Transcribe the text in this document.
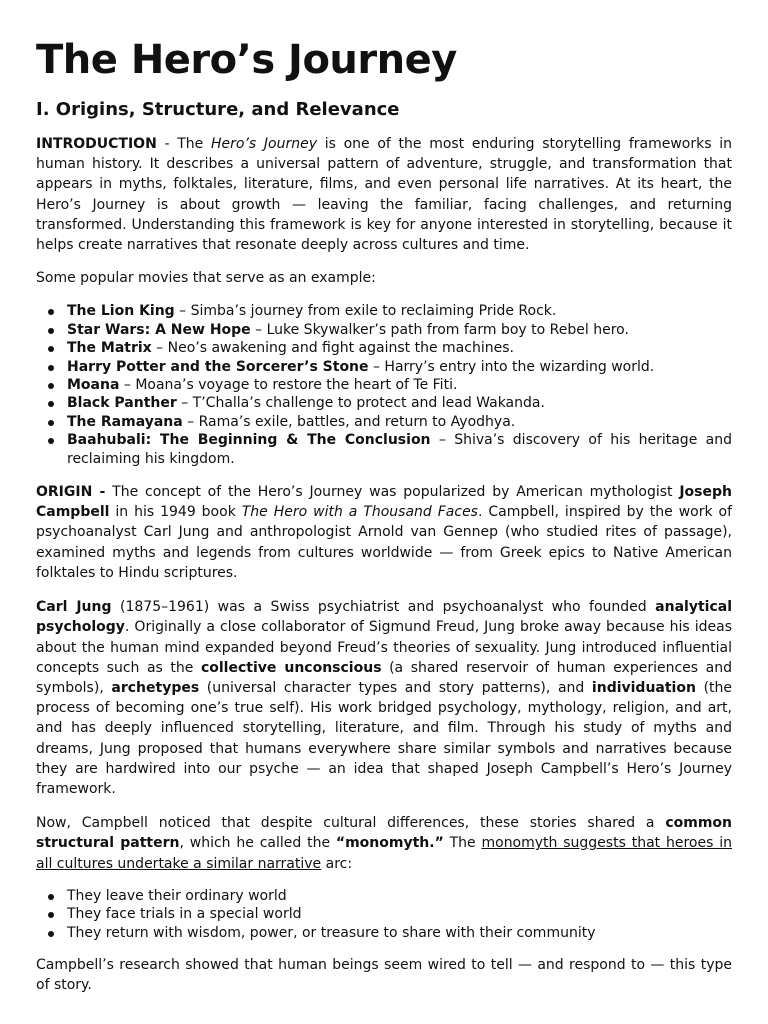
The Hero’s Journey
I. Origins, Structure, and Relevance

INTRODUCTION - The Hero’s Journey is one of the most enduring storytelling frameworks in human history. It describes a universal pattern of adventure, struggle, and transformation that appears in myths, folktales, literature, films, and even personal life narratives. At its heart, the Hero’s Journey is about growth — leaving the familiar, facing challenges, and returning transformed. Understanding this framework is key for anyone interested in storytelling, because it helps create narratives that resonate deeply across cultures and time.

Some popular movies that serve as an example:

The Lion King – Simba’s journey from exile to reclaiming Pride Rock.
Star Wars: A New Hope – Luke Skywalker’s path from farm boy to Rebel hero.
The Matrix – Neo’s awakening and fight against the machines.
Harry Potter and the Sorcerer’s Stone – Harry’s entry into the wizarding world.
Moana – Moana’s voyage to restore the heart of Te Fiti.
Black Panther – T’Challa’s challenge to protect and lead Wakanda.
The Ramayana – Rama’s exile, battles, and return to Ayodhya.
Baahubali: The Beginning & The Conclusion – Shiva’s discovery of his heritage and reclaiming his kingdom.

ORIGIN - The concept of the Hero’s Journey was popularized by American mythologist Joseph Campbell in his 1949 book The Hero with a Thousand Faces. Campbell, inspired by the work of psychoanalyst Carl Jung and anthropologist Arnold van Gennep (who studied rites of passage), examined myths and legends from cultures worldwide — from Greek epics to Native American folktales to Hindu scriptures.

Carl Jung (1875–1961) was a Swiss psychiatrist and psychoanalyst who founded analytical psychology. Originally a close collaborator of Sigmund Freud, Jung broke away because his ideas about the human mind expanded beyond Freud’s theories of sexuality. Jung introduced influential concepts such as the collective unconscious (a shared reservoir of human experiences and symbols), archetypes (universal character types and story patterns), and individuation (the process of becoming one’s true self). His work bridged psychology, mythology, religion, and art, and has deeply influenced storytelling, literature, and film. Through his study of myths and dreams, Jung proposed that humans everywhere share similar symbols and narratives because they are hardwired into our psyche — an idea that shaped Joseph Campbell’s Hero’s Journey framework.

Now, Campbell noticed that despite cultural differences, these stories shared a common structural pattern, which he called the “monomyth.” The monomyth suggests that heroes in all cultures undertake a similar narrative arc:

They leave their ordinary world
They face trials in a special world
They return with wisdom, power, or treasure to share with their community

Campbell’s research showed that human beings seem wired to tell — and respond to — this type of story.
